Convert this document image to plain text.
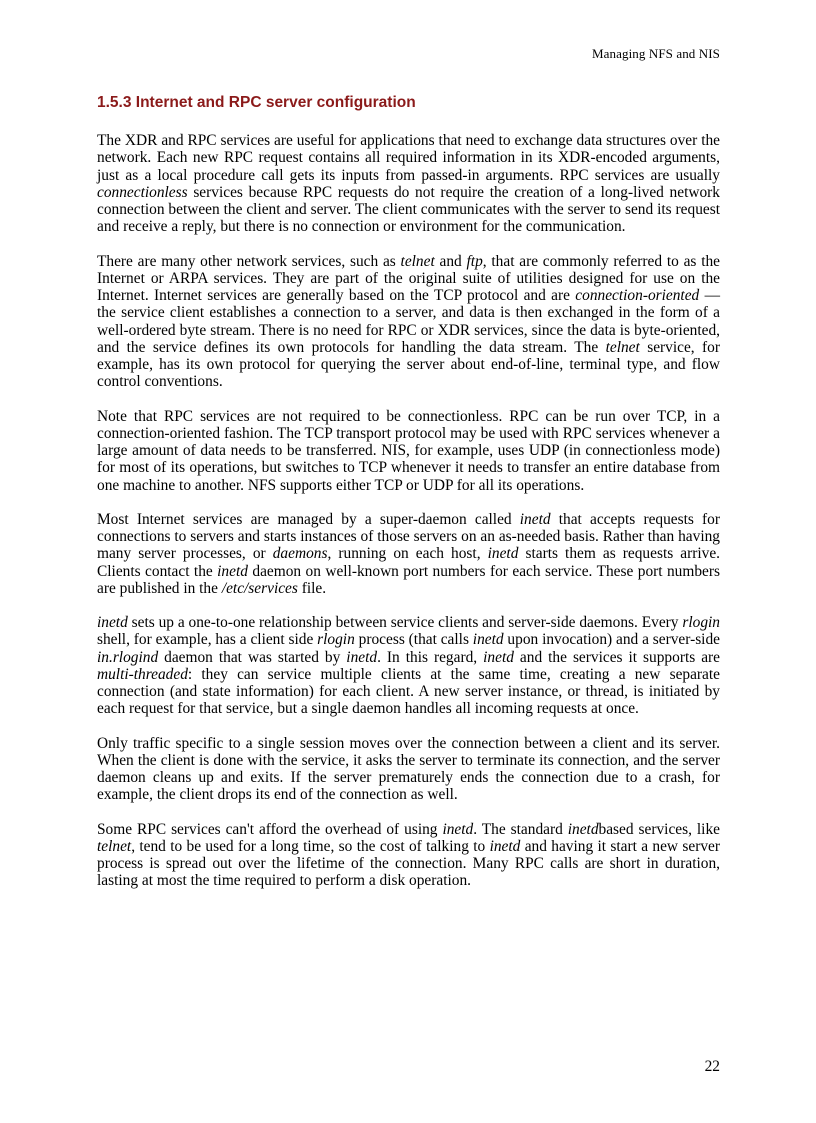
Managing NFS and NIS
1.5.3 Internet and RPC server configuration

The XDR and RPC services are useful for applications that need to exchange data structures over the network. Each new RPC request contains all required information in its XDR-encoded arguments, just as a local procedure call gets its inputs from passed-in arguments. RPC services are usually connectionless services because RPC requests do not require the creation of a long-lived network connection between the client and server. The client communicates with the server to send its request and receive a reply, but there is no connection or environment for the communication.

There are many other network services, such as telnet and ftp, that are commonly referred to as the Internet or ARPA services. They are part of the original suite of utilities designed for use on the Internet. Internet services are generally based on the TCP protocol and are connection-oriented — the service client establishes a connection to a server, and data is then exchanged in the form of a well-ordered byte stream. There is no need for RPC or XDR services, since the data is byte-oriented, and the service defines its own protocols for handling the data stream. The telnet service, for example, has its own protocol for querying the server about end-of-line, terminal type, and flow control conventions.

Note that RPC services are not required to be connectionless. RPC can be run over TCP, in a connection-oriented fashion. The TCP transport protocol may be used with RPC services whenever a large amount of data needs to be transferred. NIS, for example, uses UDP (in connectionless mode) for most of its operations, but switches to TCP whenever it needs to transfer an entire database from one machine to another. NFS supports either TCP or UDP for all its operations.

Most Internet services are managed by a super-daemon called inetd that accepts requests for connections to servers and starts instances of those servers on an as-needed basis. Rather than having many server processes, or daemons, running on each host, inetd starts them as requests arrive. Clients contact the inetd daemon on well-known port numbers for each service. These port numbers are published in the /etc/services file.

inetd sets up a one-to-one relationship between service clients and server-side daemons. Every rlogin shell, for example, has a client side rlogin process (that calls inetd upon invocation) and a server-side in.rlogind daemon that was started by inetd. In this regard, inetd and the services it supports are multi-threaded: they can service multiple clients at the same time, creating a new separate connection (and state information) for each client. A new server instance, or thread, is initiated by each request for that service, but a single daemon handles all incoming requests at once.

Only traffic specific to a single session moves over the connection between a client and its server. When the client is done with the service, it asks the server to terminate its connection, and the server daemon cleans up and exits. If the server prematurely ends the connection due to a crash, for example, the client drops its end of the connection as well.

Some RPC services can't afford the overhead of using inetd. The standard inetdbased services, like telnet, tend to be used for a long time, so the cost of talking to inetd and having it start a new server process is spread out over the lifetime of the connection. Many RPC calls are short in duration, lasting at most the time required to perform a disk operation.

22
